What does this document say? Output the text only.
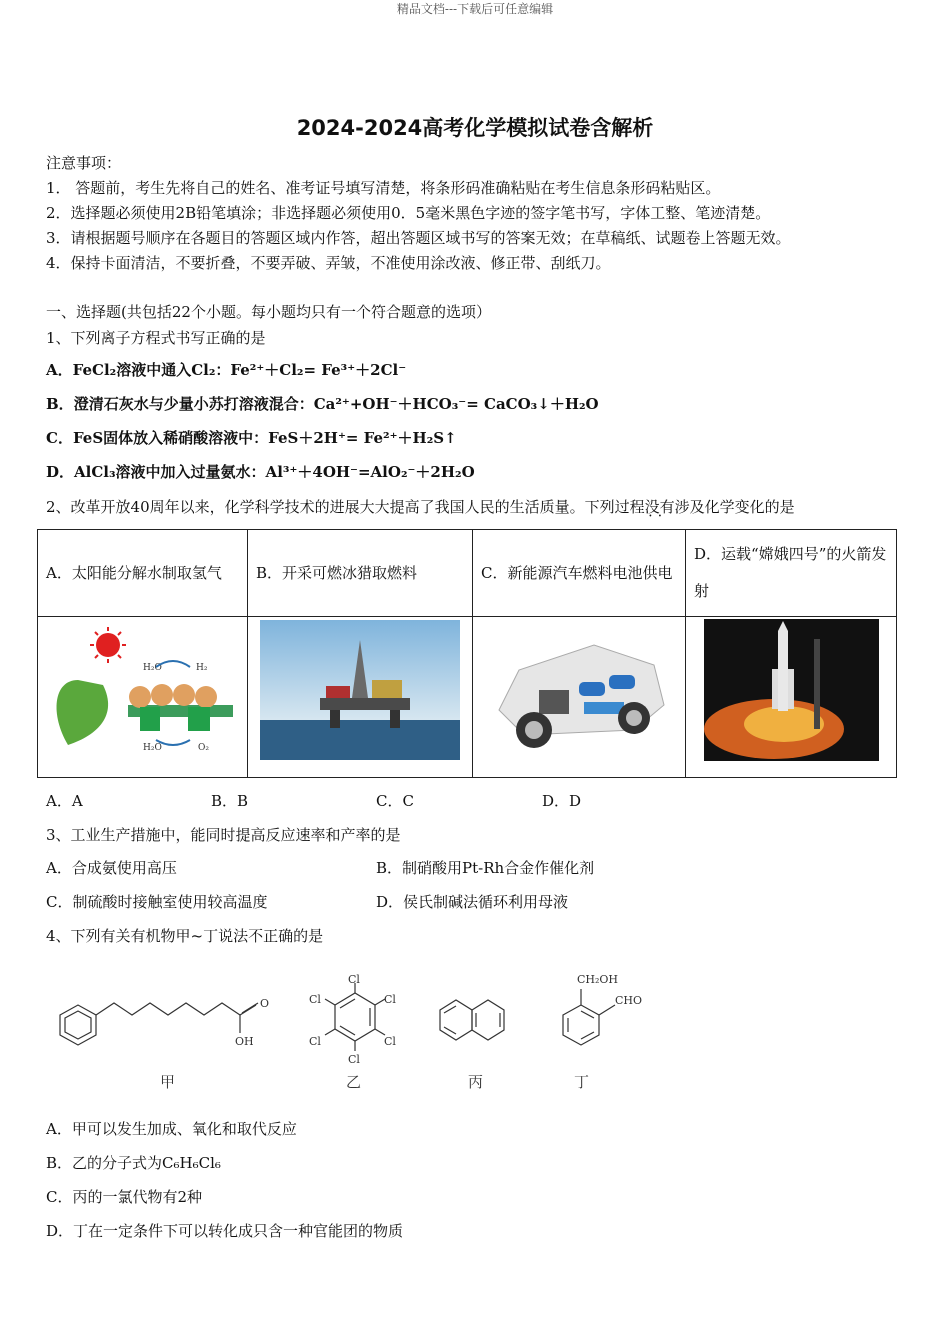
精品文档---下载后可任意编辑
2024-2024高考化学模拟试卷含解析
注意事项：
1． 答题前，考生先将自己的姓名、准考证号填写清楚，将条形码准确粘贴在考生信息条形码粘贴区。
2．选择题必须使用2B铅笔填涂；非选择题必须使用0．5毫米黑色字迹的签字笔书写，字体工整、笔迹清楚。
3．请根据题号顺序在各题目的答题区域内作答，超出答题区域书写的答案无效；在草稿纸、试题卷上答题无效。
4．保持卡面清洁，不要折叠，不要弄破、弄皱，不准使用涂改液、修正带、刮纸刀。
一、选择题(共包括22个小题。每小题均只有一个符合题意的选项）
1、下列离子方程式书写正确的是
A．FeCl₂溶液中通入Cl₂：Fe²⁺＋Cl₂= Fe³⁺＋2Cl⁻
B．澄清石灰水与少量小苏打溶液混合：Ca²⁺+OH⁻＋HCO₃⁻= CaCO₃↓＋H₂O
C．FeS固体放入稀硝酸溶液中：FeS＋2H⁺= Fe²⁺＋H₂S↑
D．AlCl₃溶液中加入过量氨水：Al³⁺＋4OH⁻=AlO₂⁻＋2H₂O
2、改革开放40周年以来，化学科学技术的进展大大提高了我国人民的生活质量。下列过程没有 • •涉及化学变化的是
A．太阳能分解水制取氢气	B．开采可燃冰猎取燃料	C．新能源汽车燃料电池供电	D．运载“嫦娥四号”的火箭发射

H₂O H₂
H₂O O₂

A．A	B．B	C．C	D．D
3、工业生产措施中，能同时提高反应速率和产率的是
A．合成氨使用高压	B．制硝酸用Pt-Rh合金作催化剂
C．制硫酸时接触室使用较高温度	D．侯氏制碱法循环利用母液
4、下列有关有机物甲~丁说法不正确的是
O
OH
Cl
Cl
Cl
Cl
Cl
Cl
CH₂OH
CHO
甲	乙	丙	丁
A．甲可以发生加成、氧化和取代反应
B．乙的分子式为C₆H₆Cl₆
C．丙的一氯代物有2种
D．丁在一定条件下可以转化成只含一种官能团的物质
